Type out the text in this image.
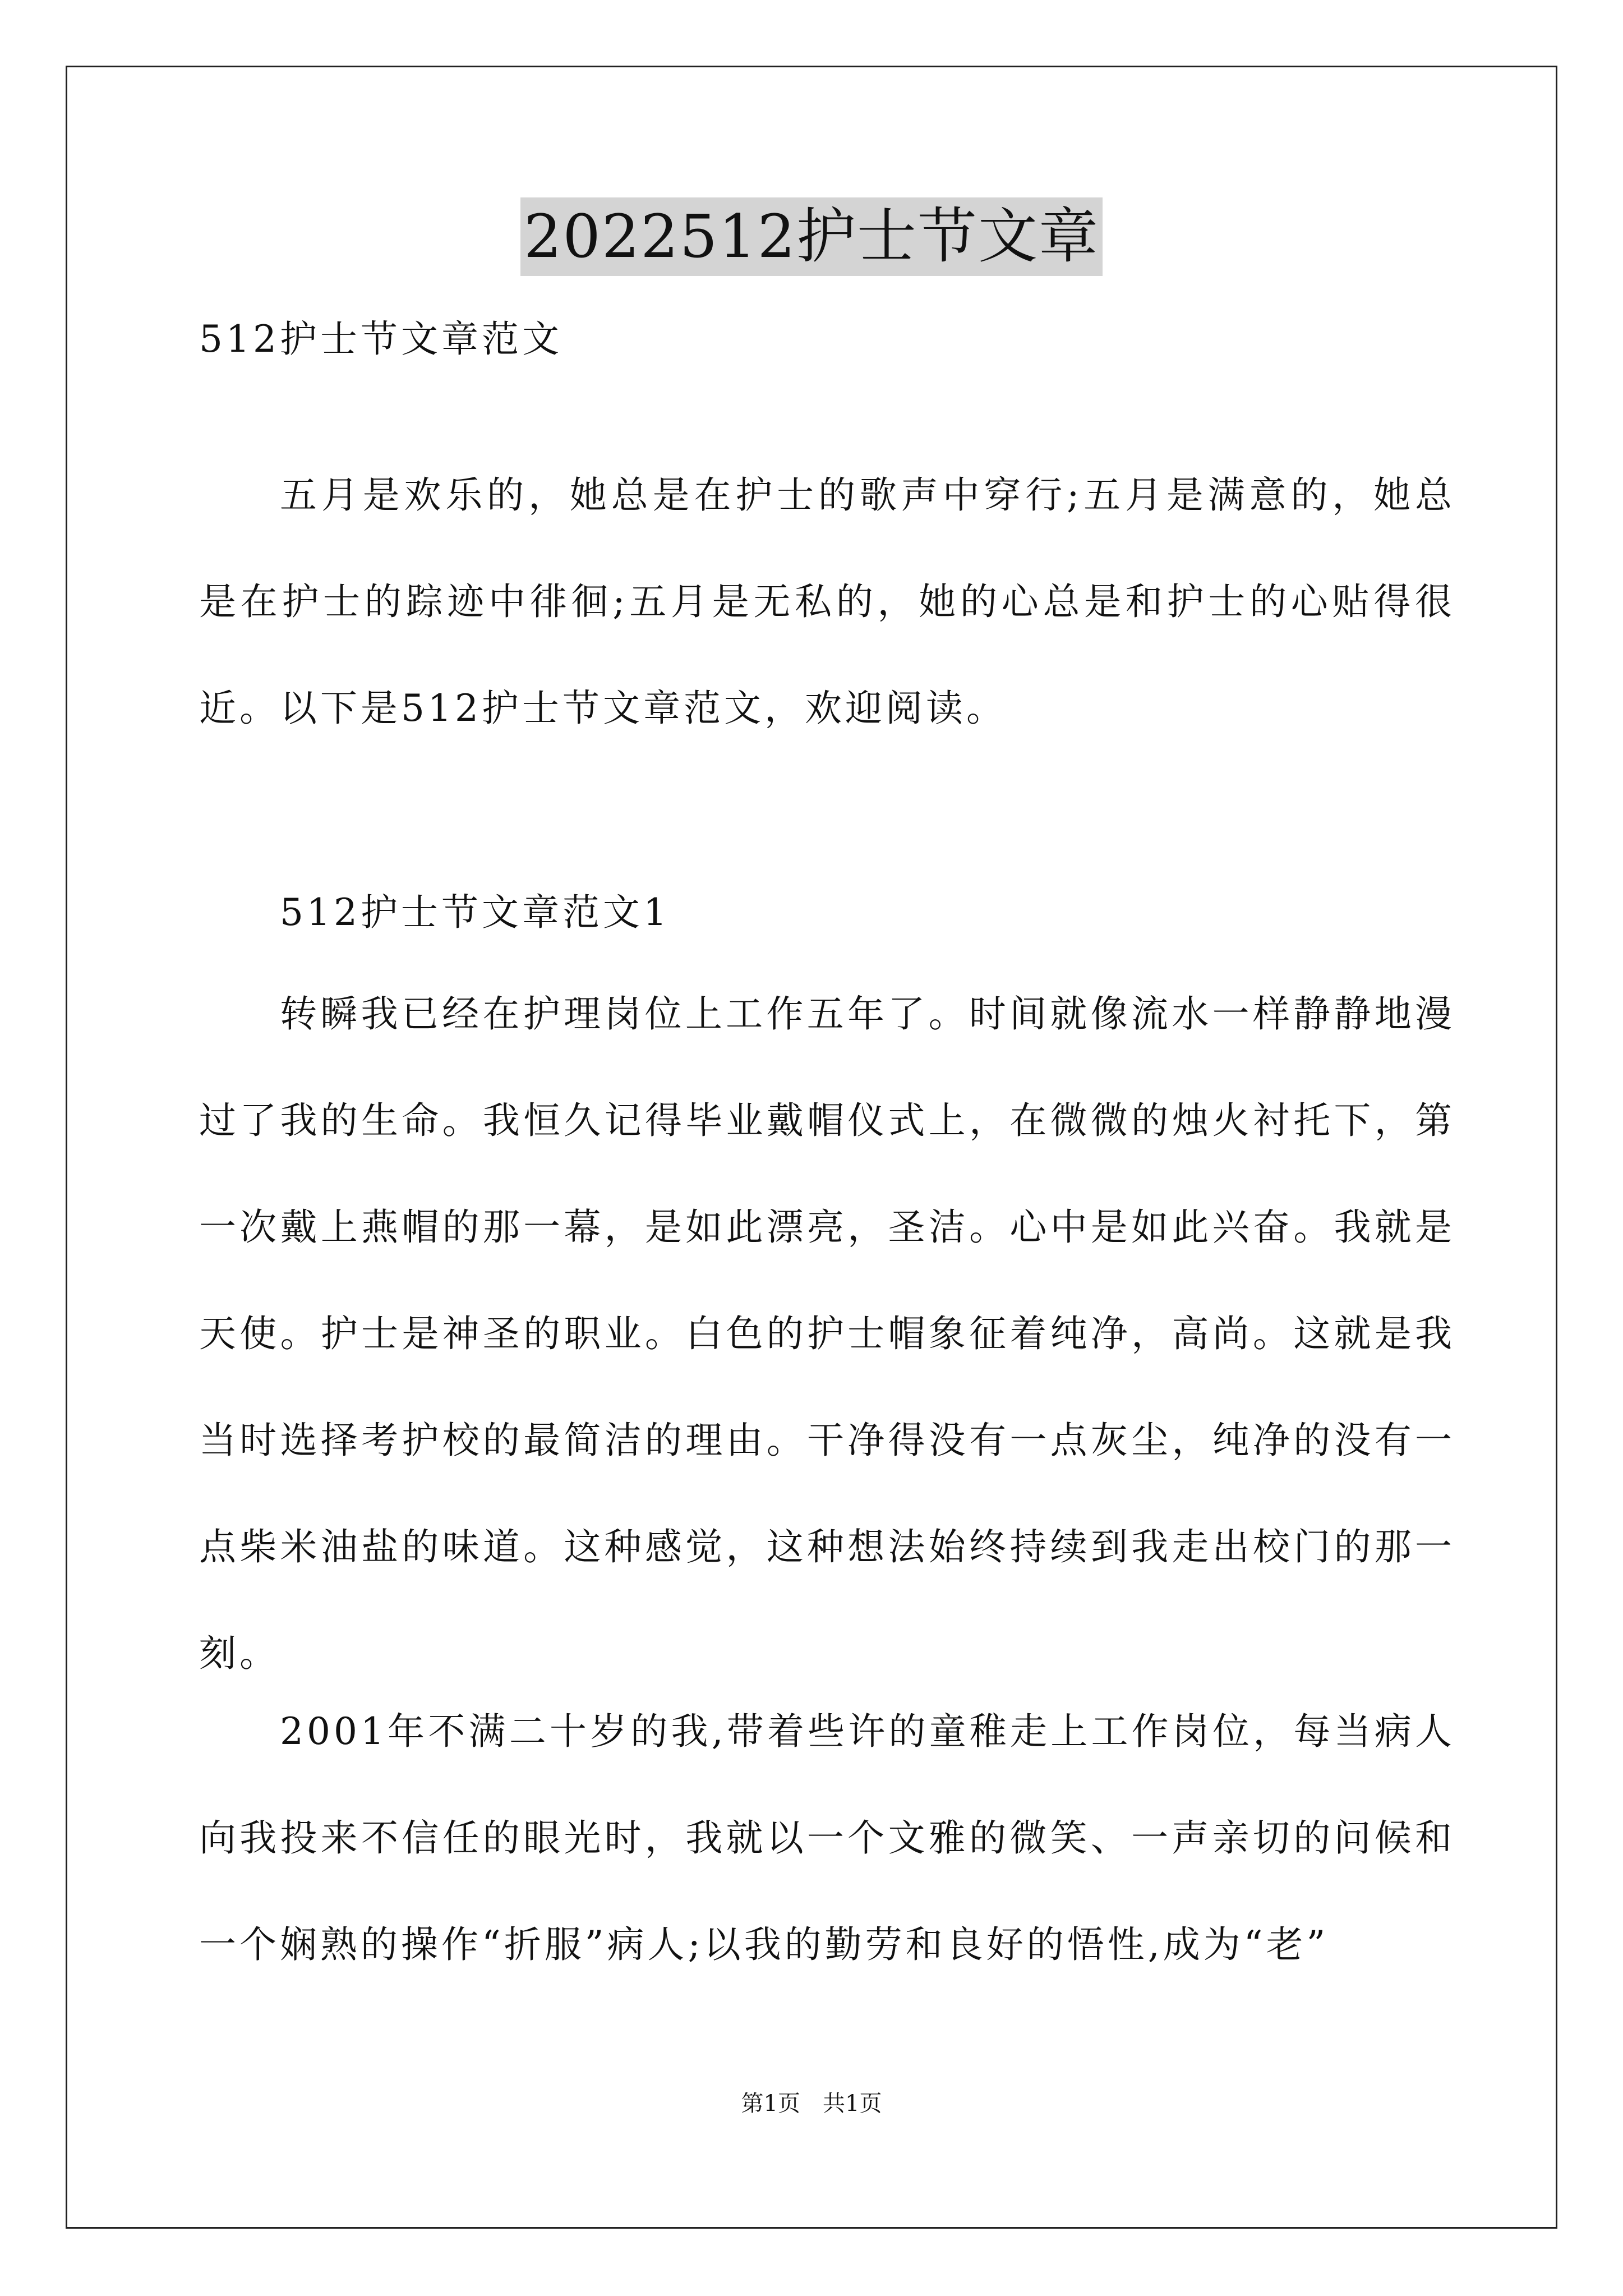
2022512护士节文章
512护士节文章范文
五月是欢乐的，她总是在护士的歌声中穿行;五月是满意的，她总是在护士的踪迹中徘徊;五月是无私的，她的心总是和护士的心贴得很近。以下是512护士节文章范文，欢迎阅读。
512护士节文章范文1
转瞬我已经在护理岗位上工作五年了。时间就像流水一样静静地漫过了我的生命。我恒久记得毕业戴帽仪式上，在微微的烛火衬托下，第一次戴上燕帽的那一幕，是如此漂亮，圣洁。心中是如此兴奋。我就是天使。护士是神圣的职业。白色的护士帽象征着纯净，高尚。这就是我当时选择考护校的最简洁的理由。干净得没有一点灰尘，纯净的没有一点柴米油盐的味道。这种感觉，这种想法始终持续到我走出校门的那一刻。
2001年不满二十岁的我,带着些许的童稚走上工作岗位，每当病人向我投来不信任的眼光时，我就以一个文雅的微笑、一声亲切的问候和一个娴熟的操作“折服”病人;以我的勤劳和良好的悟性,成为“老”
第1页　共1页
